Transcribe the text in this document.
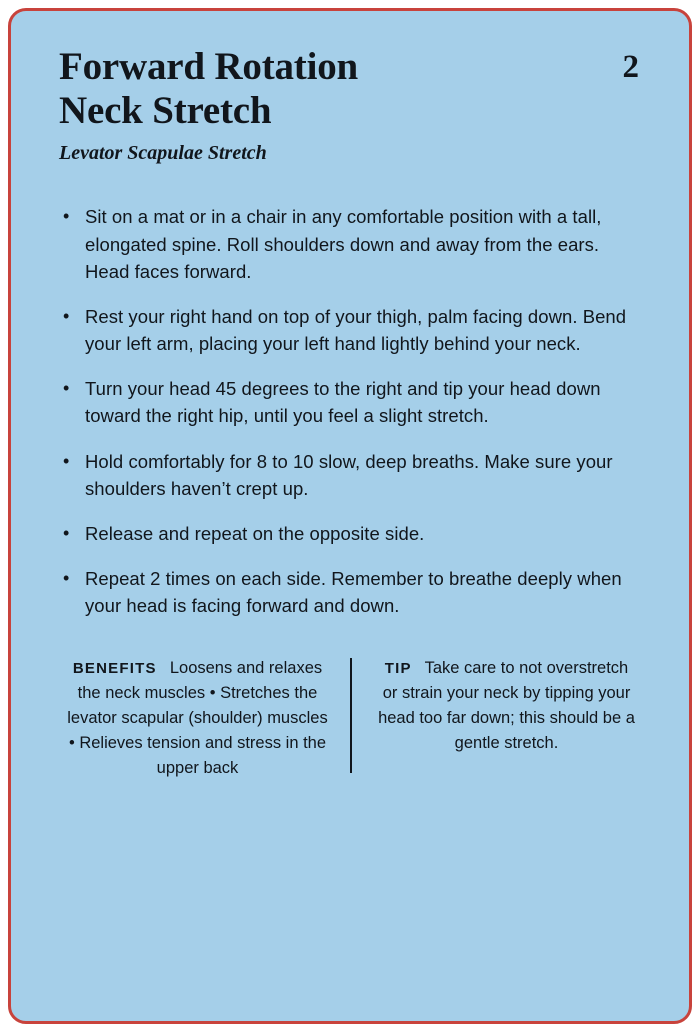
Forward Rotation
Neck Stretch
Levator Scapulae Stretch
2
• Sit on a mat or in a chair in any comfortable position with a tall, elongated spine. Roll shoulders down and away from the ears. Head faces forward.
• Rest your right hand on top of your thigh, palm facing down. Bend your left arm, placing your left hand lightly behind your neck.
• Turn your head 45 degrees to the right and tip your head down toward the right hip, until you feel a slight stretch.
• Hold comfortably for 8 to 10 slow, deep breaths. Make sure your shoulders haven’t crept up.
• Release and repeat on the opposite side.
• Repeat 2 times on each side. Remember to breathe deeply when your head is facing forward and down.
BENEFITS Loosens and relaxes the neck muscles • Stretches the levator scapular (shoulder) muscles • Relieves tension and stress in the upper back
TIP Take care to not overstretch or strain your neck by tipping your head too far down; this should be a gentle stretch.
